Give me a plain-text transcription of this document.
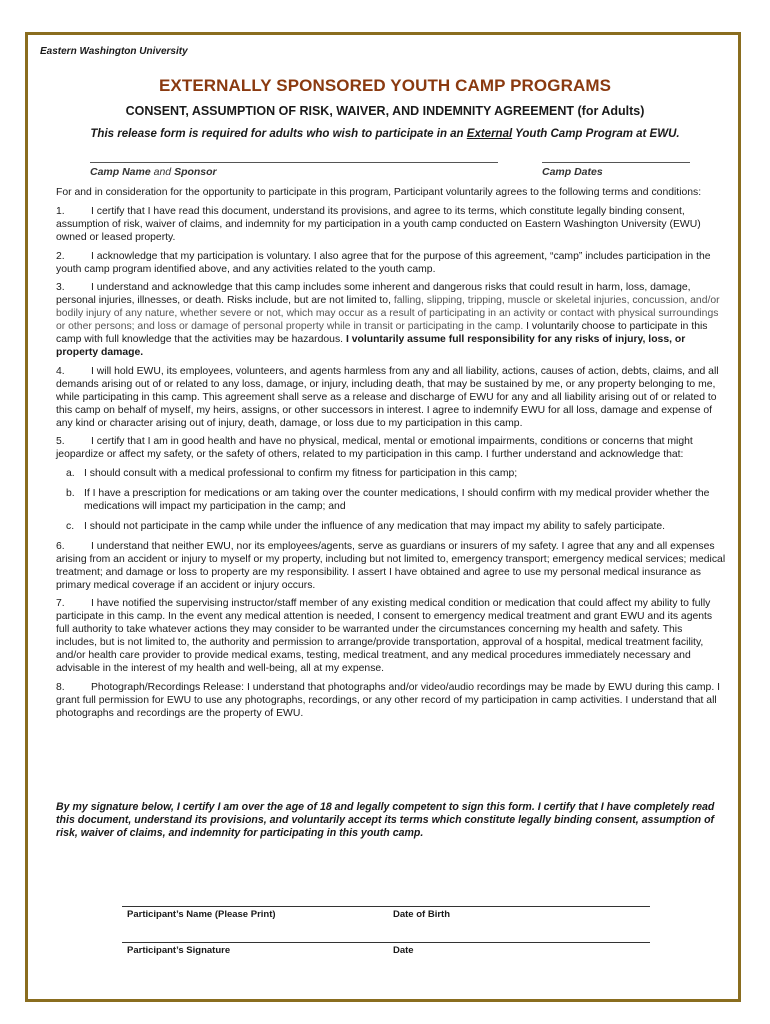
Eastern Washington University
EXTERNALLY SPONSORED YOUTH CAMP PROGRAMS
CONSENT, ASSUMPTION OF RISK, WAIVER, AND INDEMNITY AGREEMENT (for Adults)
This release form is required for adults who wish to participate in an External Youth Camp Program at EWU.
Camp Name and Sponsor	Camp Dates

For and in consideration for the opportunity to participate in this program, Participant voluntarily agrees to the following terms and conditions:

1.	I certify that I have read this document, understand its provisions, and agree to its terms, which constitute legally binding consent, assumption of risk, waiver of claims, and indemnity for my participation in a youth camp conducted on Eastern Washington University (EWU) owned or leased property.
2.	I acknowledge that my participation is voluntary. I also agree that for the purpose of this agreement, “camp” includes participation in the youth camp program identified above, and any activities related to the youth camp.
3.	I understand and acknowledge that this camp includes some inherent and dangerous risks that could result in harm, loss, damage, personal injuries, illnesses, or death. Risks include, but are not limited to, falling, slipping, tripping, muscle or skeletal injuries, concussion, and/or bodily injury of any nature, whether severe or not, which may occur as a result of participating in an activity or contact with physical surroundings or other persons; and loss or damage of personal property while in transit or participating in the camp. I voluntarily choose to participate in this camp with full knowledge that the activities may be hazardous. I voluntarily assume full responsibility for any risks of injury, loss, or property damage.
4.	I will hold EWU, its employees, volunteers, and agents harmless from any and all liability, actions, causes of action, debts, claims, and all demands arising out of or related to any loss, damage, or injury, including death, that may be sustained by me, or any property belonging to me, while participating in this camp. This agreement shall serve as a release and discharge of EWU for any and all liability arising out of or related to this camp on behalf of myself, my heirs, assigns, or other successors in interest. I agree to indemnify EWU for all loss, damage and expense of any kind or character arising out of injury, death, damage, or loss due to my participation in this camp.
5.	I certify that I am in good health and have no physical, medical, mental or emotional impairments, conditions or concerns that might jeopardize or affect my safety, or the safety of others, related to my participation in this camp. I further understand and acknowledge that:
a. I should consult with a medical professional to confirm my fitness for participation in this camp;
b. If I have a prescription for medications or am taking over the counter medications, I should confirm with my medical provider whether the medications will impact my participation in the camp; and
c. I should not participate in the camp while under the influence of any medication that may impact my ability to safely participate.
6.	I understand that neither EWU, nor its employees/agents, serve as guardians or insurers of my safety. I agree that any and all expenses arising from an accident or injury to myself or my property, including but not limited to, emergency transport; emergency medical services; medical treatment; and damage or loss to property are my responsibility. I assert I have obtained and agree to use my personal medical insurance as primary medical coverage if an accident or injury occurs.
7.	I have notified the supervising instructor/staff member of any existing medical condition or medication that could affect my ability to fully participate in this camp. In the event any medical attention is needed, I consent to emergency medical treatment and grant EWU and its agents full authority to take whatever actions they may consider to be warranted under the circumstances concerning my health and safety. This includes, but is not limited to, the authority and permission to arrange/provide transportation, approval of a hospital, medical treatment facility, and/or health care provider to provide medical exams, testing, medical treatment, and any medical procedures immediately necessary and advisable in the interest of my health and well-being, all at my expense.
8.	Photograph/Recordings Release: I understand that photographs and/or video/audio recordings may be made by EWU during this camp. I grant full permission for EWU to use any photographs, recordings, or any other record of my participation in camp activities. I understand that all photographs and recordings are the property of EWU.
By my signature below, I certify I am over the age of 18 and legally competent to sign this form. I certify that I have completely read this document, understand its provisions, and voluntarily accept its terms which constitute legally binding consent, assumption of risk, waiver of claims, and indemnity for participating in this youth camp.
Participant’s Name (Please Print)	Date of Birth
Participant’s Signature	Date
